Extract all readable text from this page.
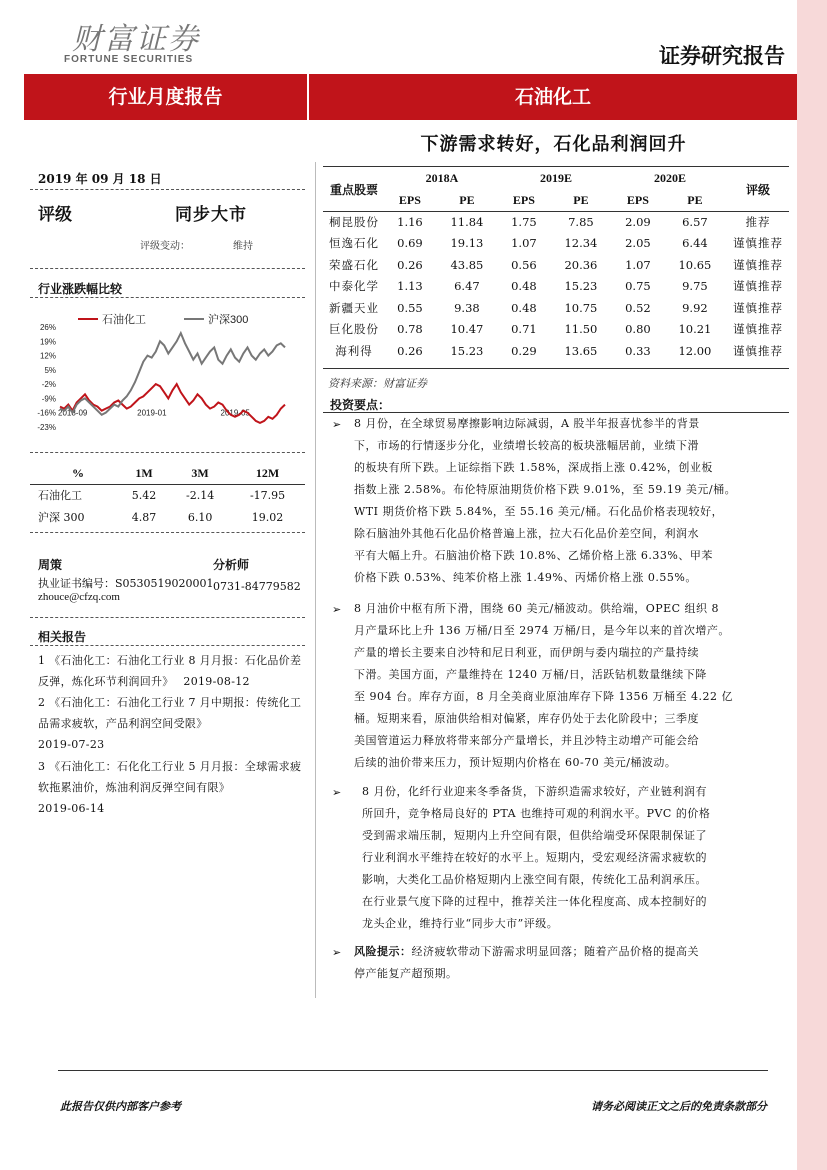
财富证券
FORTUNE SECURITIES	证券研究报告
行业月度报告	石油化工
下游需求转好，石化品利润回升
2019 年 09 月 18 日
评级	同步大市
评级变动：	维持
行业涨跌幅比较
石油化工	沪深300
26%
19%
12%
5%
-2%
-9%
-16%
-23%
2018-09	2019-01	2019-05
%	1M	3M	12M
石油化工	5.42	-2.14	-17.95
沪深 300	4.87	6.10	19.02
周策	分析师
执业证书编号：S0530519020001 0731-84779582
zhouce@cfzq.com
相关报告
1 《石油化工：石油化工行业 8 月月报：石化品价差反弹，炼化环节利润回升》 2019-08-12
2 《石油化工：石油化工行业 7 月中期报：传统化工品需求疲软，产品利润空间受限》
2019-07-23
3 《石油化工：石化化工行业 5 月月报：全球需求疲软拖累油价，炼油利润反弹空间有限》
2019-06-14
重点股票	2018A		2019E		2020E		评级
	EPS	PE	EPS	PE	EPS	PE	
桐昆股份	1.16	11.84	1.75	7.85	2.09	6.57	推荐
恒逸石化	0.69	19.13	1.07	12.34	2.05	6.44	谨慎推荐
荣盛石化	0.26	43.85	0.56	20.36	1.07	10.65	谨慎推荐
中泰化学	1.13	6.47	0.48	15.23	0.75	9.75	谨慎推荐
新疆天业	0.55	9.38	0.48	10.75	0.52	9.92	谨慎推荐
巨化股份	0.78	10.47	0.71	11.50	0.80	10.21	谨慎推荐
海利得	0.26	15.23	0.29	13.65	0.33	12.00	谨慎推荐
资料来源：财富证券
投资要点：
➢ 8 月份，在全球贸易摩擦影响边际减弱，A 股半年报喜忧参半的背景
下，市场的行情逐步分化，业绩增长较高的板块涨幅居前，业绩下滑
的板块有所下跌。上证综指下跌 1.58%，深成指上涨 0.42%，创业板
指数上涨 2.58%。布伦特原油期货价格下跌 9.01%，至 59.19 美元/桶。
WTI 期货价格下跌 5.84%，至 55.16 美元/桶。石化品价格表现较好，
除石脑油外其他石化品价格普遍上涨，拉大石化品价差空间，利润水
平有大幅上升。石脑油价格下跌 10.8%、乙烯价格上涨 6.33%、甲苯
价格下跌 0.53%、纯苯价格上涨 1.49%、丙烯价格上涨 0.55%。
➢ 8 月油价中枢有所下滑，围绕 60 美元/桶波动。供给端，OPEC 组织 8
月产量环比上升 136 万桶/日至 2974 万桶/日，是今年以来的首次增产。
产量的增长主要来自沙特和尼日利亚，而伊朗与委内瑞拉的产量持续
下滑。美国方面，产量维持在 1240 万桶/日，活跃钻机数量继续下降
至 904 台。库存方面，8 月全美商业原油库存下降 1356 万桶至 4.22 亿
桶。短期来看，原油供给相对偏紧，库存仍处于去化阶段中；三季度
美国管道运力释放将带来部分产量增长，并且沙特主动增产可能会给
后续的油价带来压力，预计短期内价格在 60-70 美元/桶波动。
➢ 8 月份，化纤行业迎来冬季备货，下游织造需求较好，产业链利润有
所回升，竞争格局良好的 PTA 也维持可观的利润水平。PVC 的价格
受到需求端压制，短期内上升空间有限，但供给端受环保限制保证了
行业利润水平维持在较好的水平上。短期内，受宏观经济需求疲软的
影响，大类化工品价格短期内上涨空间有限，传统化工品利润承压。
在行业景气度下降的过程中，推荐关注一体化程度高、成本控制好的
龙头企业，维持行业“同步大市”评级。
➢ 风险提示：经济疲软带动下游需求明显回落；随着产品价格的提高关
停产能复产超预期。
此报告仅供内部客户参考	请务必阅读正文之后的免责条款部分
